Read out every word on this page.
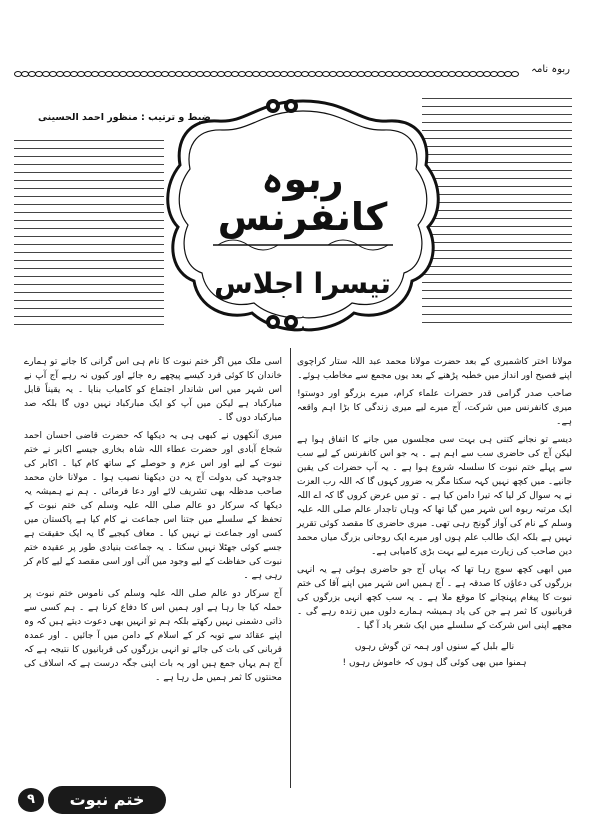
ربوہ نامہ
ضبط و ترتیب : منظور احمد الحسینی
ربوہ کانفرنس
تیسرا اجلاس

مولانا اختر کاشمیری کے بعد حضرت مولانا محمد عبد اللہ ستار کراچوی اپنے فصیح اور انداز میں خطبہ پڑھنے کے بعد یوں مجمع سے مخاطب ہوئے۔

صاحب صدر گرامی قدر حضرات علماء کرام، میرے بزرگو اور دوستو! میری کانفرنس میں شرکت، آج میرے لیے میری زندگی کا بڑا اہم واقعہ ہے۔

دیسے تو نجانے کتنی ہی بہت سی مجلسوں میں جانے کا اتفاق ہوا ہے لیکن آج کی حاضری سب سے اہم ہے ۔ یہ جو اس کانفرنس کے لیے سب سے پہلے ختم نبوت کا سلسلہ شروع ہوا ہے ۔ یہ آپ حضرات کی یقین جانیے۔ میں کچھ نہیں کہہ سکتا مگر یہ ضرور کہوں گا کہ اللہ رب العزت نے یہ سوال کر لیا کہ تیرا دامن کیا ہے ۔ تو میں عرض کروں گا کہ اے اللہ ایک مرتبہ ربوہ اس شہر میں گیا تھا کہ وہاں تاجدار عالم صلی اللہ علیہ وسلم کے نام کی آواز گونج رہی تھی۔ میری حاضری کا مقصد کوئی تقریر نہیں ہے بلکہ ایک طالب علم ہوں اور میرے ایک روحانی بزرگ میاں محمد دین صاحب کی زیارت میرے لیے بہت بڑی کامیابی ہے۔

میں ابھی کچھ سوچ رہا تھا کہ یہاں آج جو حاضری ہوئی ہے یہ انہی بزرگوں کی دعاؤں کا صدقہ ہے ۔ آج ہمیں اس شہر میں اپنے آقا کی ختم نبوت کا پیغام پہنچانے کا موقع ملا ہے ۔ یہ سب کچھ انہی بزرگوں کی قربانیوں کا ثمر ہے جن کی یاد ہمیشہ ہمارے دلوں میں زندہ رہے گی ۔ مجھے اپنی اس شرکت کے سلسلے میں ایک شعر یاد آ گیا ۔

نالے بلبل کے سنوں اور ہمہ تن گوش رہوں
ہمنوا میں بھی کوئی گل ہوں کہ خاموش رہوں !

اسی ملک میں اگر ختم نبوت کا نام ہی اس گرانی کا جانے تو ہمارے خاندان کا کوئی فرد کیسے پیچھے رہ جائے اور کیوں نہ رہے آج آپ نے اس شہر میں اس شاندار اجتماع کو کامیاب بنایا ۔ یہ یقیناً قابل مبارکباد ہے لیکن میں آپ کو ایک مبارکباد نہیں دوں گا بلکہ صد مبارکباد دوں گا ۔

میری آنکھوں نے کبھی ہی یہ دیکھا کہ حضرت قاضی احسان احمد شجاع آبادی اور حضرت عطاء اللہ شاہ بخاری جیسے اکابر نے ختم نبوت کے لیے اور اس عزم و حوصلے کے ساتھ کام کیا ۔ اکابر کی جدوجہد کی بدولت آج یہ دن دیکھنا نصیب ہوا ۔ مولانا خان محمد صاحب مدظلہ بھی تشریف لائے اور دعا فرمائی ۔ ہم نے ہمیشہ یہ دیکھا کہ سرکار دو عالم صلی اللہ علیہ وسلم کی ختم نبوت کے تحفظ کے سلسلے میں جتنا اس جماعت نے کام کیا ہے پاکستان میں کسی اور جماعت نے نہیں کیا ۔ معاف کیجیے گا یہ ایک حقیقت ہے جسے کوئی جھٹلا نہیں سکتا ۔ یہ جماعت بنیادی طور پر عقیدہ ختم نبوت کی حفاظت کے لیے وجود میں آئی اور اسی مقصد کے لیے کام کر رہی ہے ۔

آج سرکار دو عالم صلی اللہ علیہ وسلم کی ناموس ختم نبوت پر حملہ کیا جا رہا ہے اور ہمیں اس کا دفاع کرنا ہے ۔ ہم کسی سے ذاتی دشمنی نہیں رکھتے بلکہ ہم تو انہیں بھی دعوت دیتے ہیں کہ وہ اپنے عقائد سے توبہ کر کے اسلام کے دامن میں آ جائیں ۔ اور عمدہ قربانی کی بات کی جائے تو انہی بزرگوں کی قربانیوں کا نتیجہ ہے کہ آج ہم یہاں جمع ہیں اور یہ بات اپنی جگہ درست ہے کہ اسلاف کی محنتوں کا ثمر ہمیں مل رہا ہے ۔

۹	ختم نبوت
